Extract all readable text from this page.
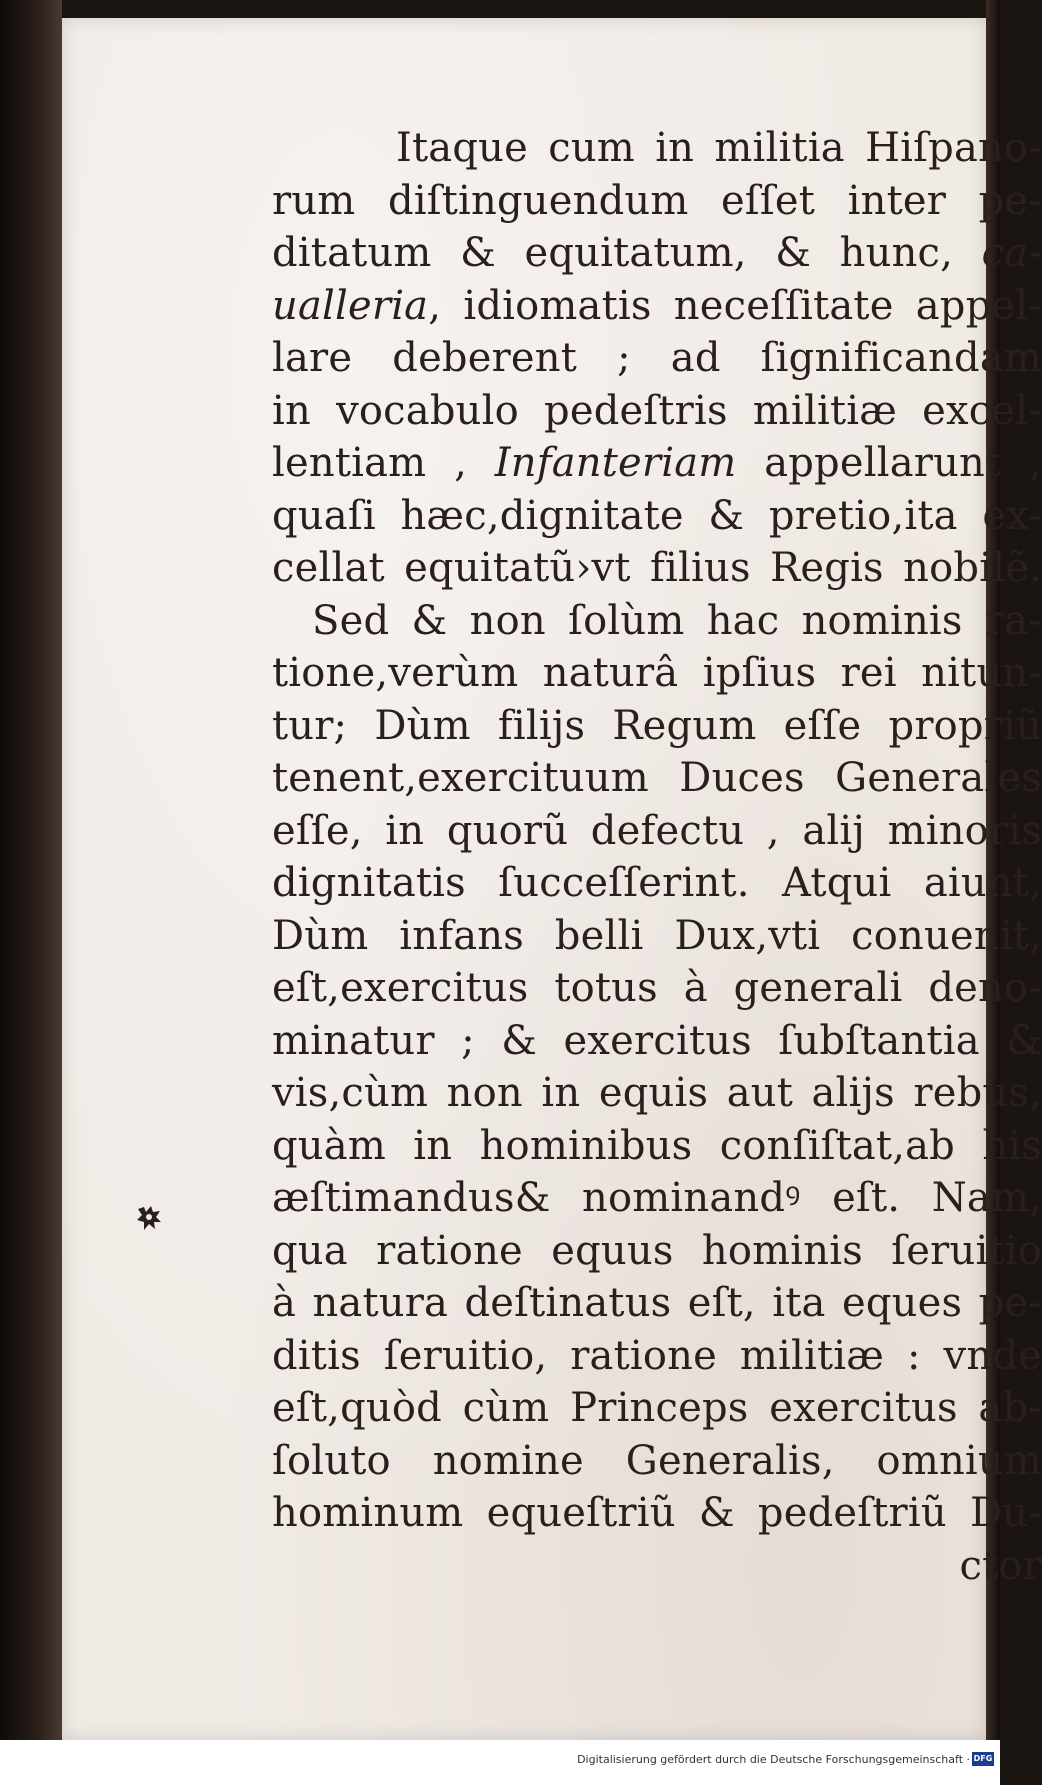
Itaque cum in militia Hiſpano-
rum diſtinguendum eſſet inter pe-
ditatum & equitatum, & hunc, ca-
ualleria, idiomatis neceſſitate appel-
lare deberent ; ad ſignificandam
in vocabulo pedeſtris militiæ excel-
lentiam , Infanteriam appellarunt ,
quaſi hæc,dignitate & pretio,ita ex-
cellat equitatũ›vt filius Regis nobilẽ.
Sed & non ſolùm hac nominis ra-
tione,verùm naturâ ipſius rei nitun-
tur; Dùm filijs Regum eſſe propriũ
tenent,exercituum Duces Generales
eſſe, in quorũ defectu , alij minoris
dignitatis ſucceſſerint. Atqui aiunt,
Dùm infans belli Dux,vti conuenit,
eſt,exercitus totus à generali deno-
minatur ; & exercitus ſubſtantia &
vis,cùm non in equis aut alijs rebus,
quàm in hominibus conſiſtat,ab his
æſtimandus& nominandꝰ eſt. Nam,
qua ratione equus hominis ſeruitio
à natura deſtinatus eſt, ita eques pe-
ditis ſeruitio, ratione militiæ : vnde
eſt,quòd cùm Princeps exercitus ab-
ſoluto nomine Generalis, omnium
hominum equeſtriũ & pedeſtriũ Du-
ctor
Digitalisierung gefördert durch die Deutsche Forschungsgemeinschaft · DFG
